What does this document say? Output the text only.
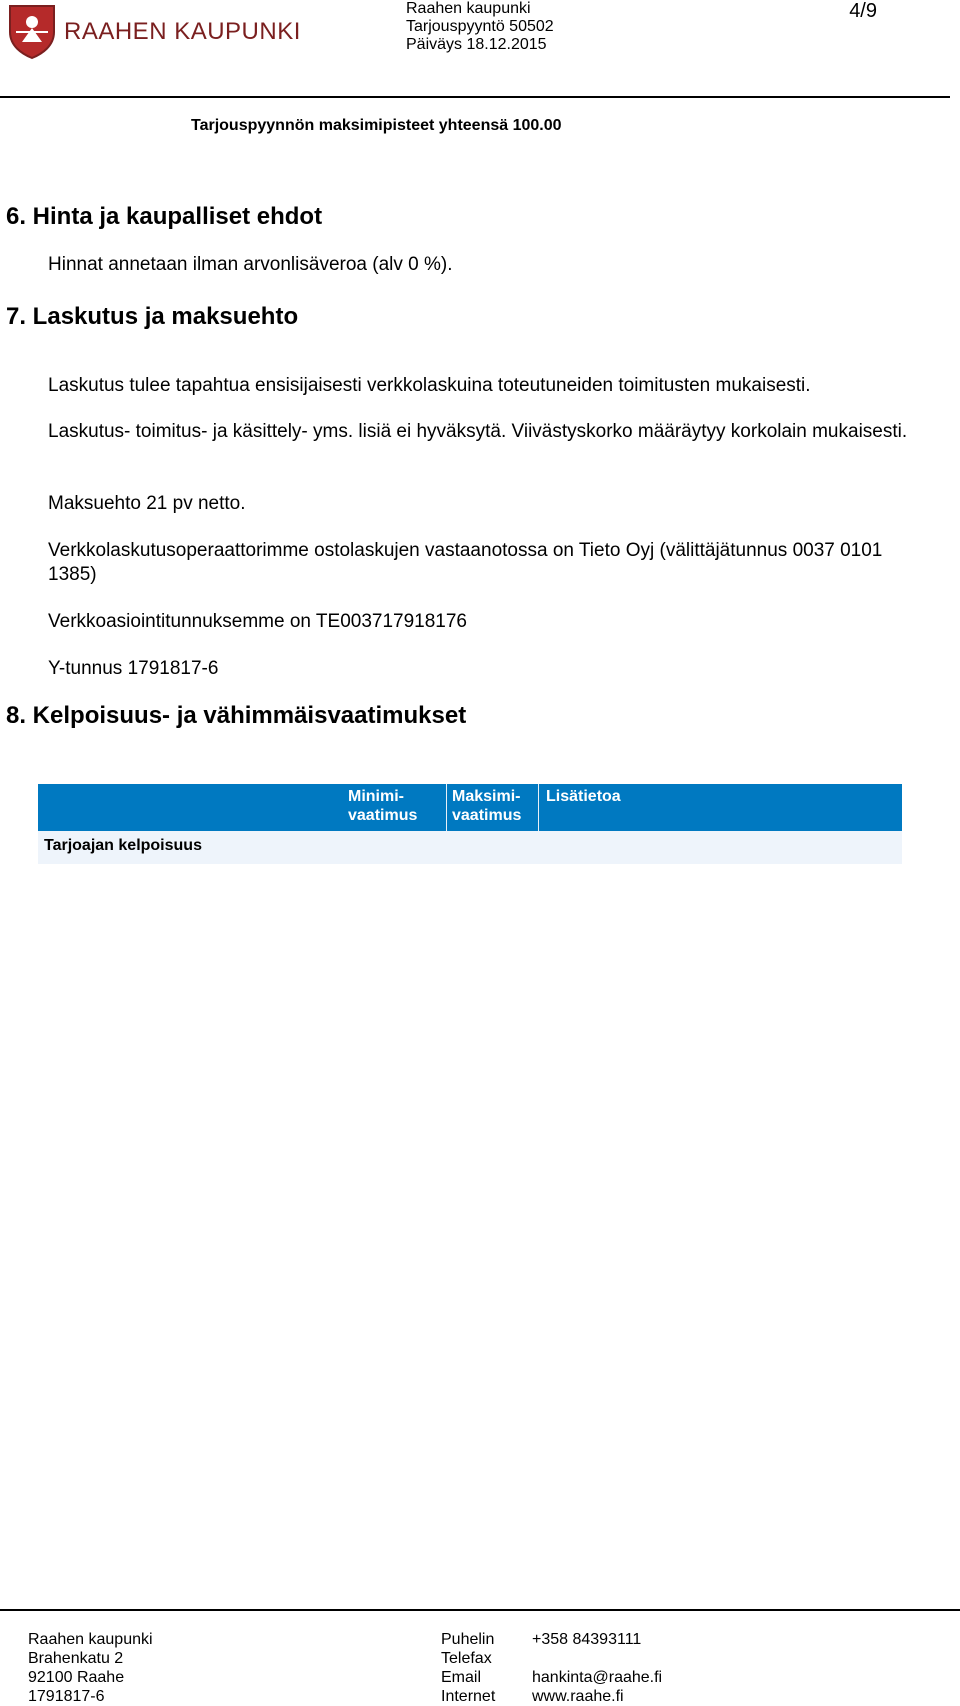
RAAHEN KAUPUNKI
Raahen kaupunki
Tarjouspyyntö 50502
Päiväys 18.12.2015
4/9
Tarjouspyynnön maksimipisteet yhteensä 100.00
6. Hinta ja kaupalliset ehdot

Hinnat annetaan ilman arvonlisäveroa (alv 0 %).

7. Laskutus ja maksuehto

Laskutus tulee tapahtua ensisijaisesti verkkolaskuina toteutuneiden toimitusten mukaisesti.

Laskutus- toimitus- ja käsittely- yms. lisiä ei hyväksytä. Viivästyskorko määräytyy korkolain mukaisesti.

Maksuehto 21 pv netto.

Verkkolaskutusoperaattorimme ostolaskujen vastaanotossa on Tieto Oyj (välittäjätunnus 0037 0101 1385)

Verkkoasiointitunnuksemme on TE003717918176

Y-tunnus 1791817-6

8. Kelpoisuus- ja vähimmäisvaatimukset
Minimi-
vaatimus
Maksimi-
vaatimus
Lisätietoa
Tarjoajan kelpoisuus
Raahen kaupunki
Brahenkatu 2
92100 Raahe
1791817-6
Puhelin
Telefax
Email
Internet
+358 84393111
hankinta@raahe.fi
www.raahe.fi
